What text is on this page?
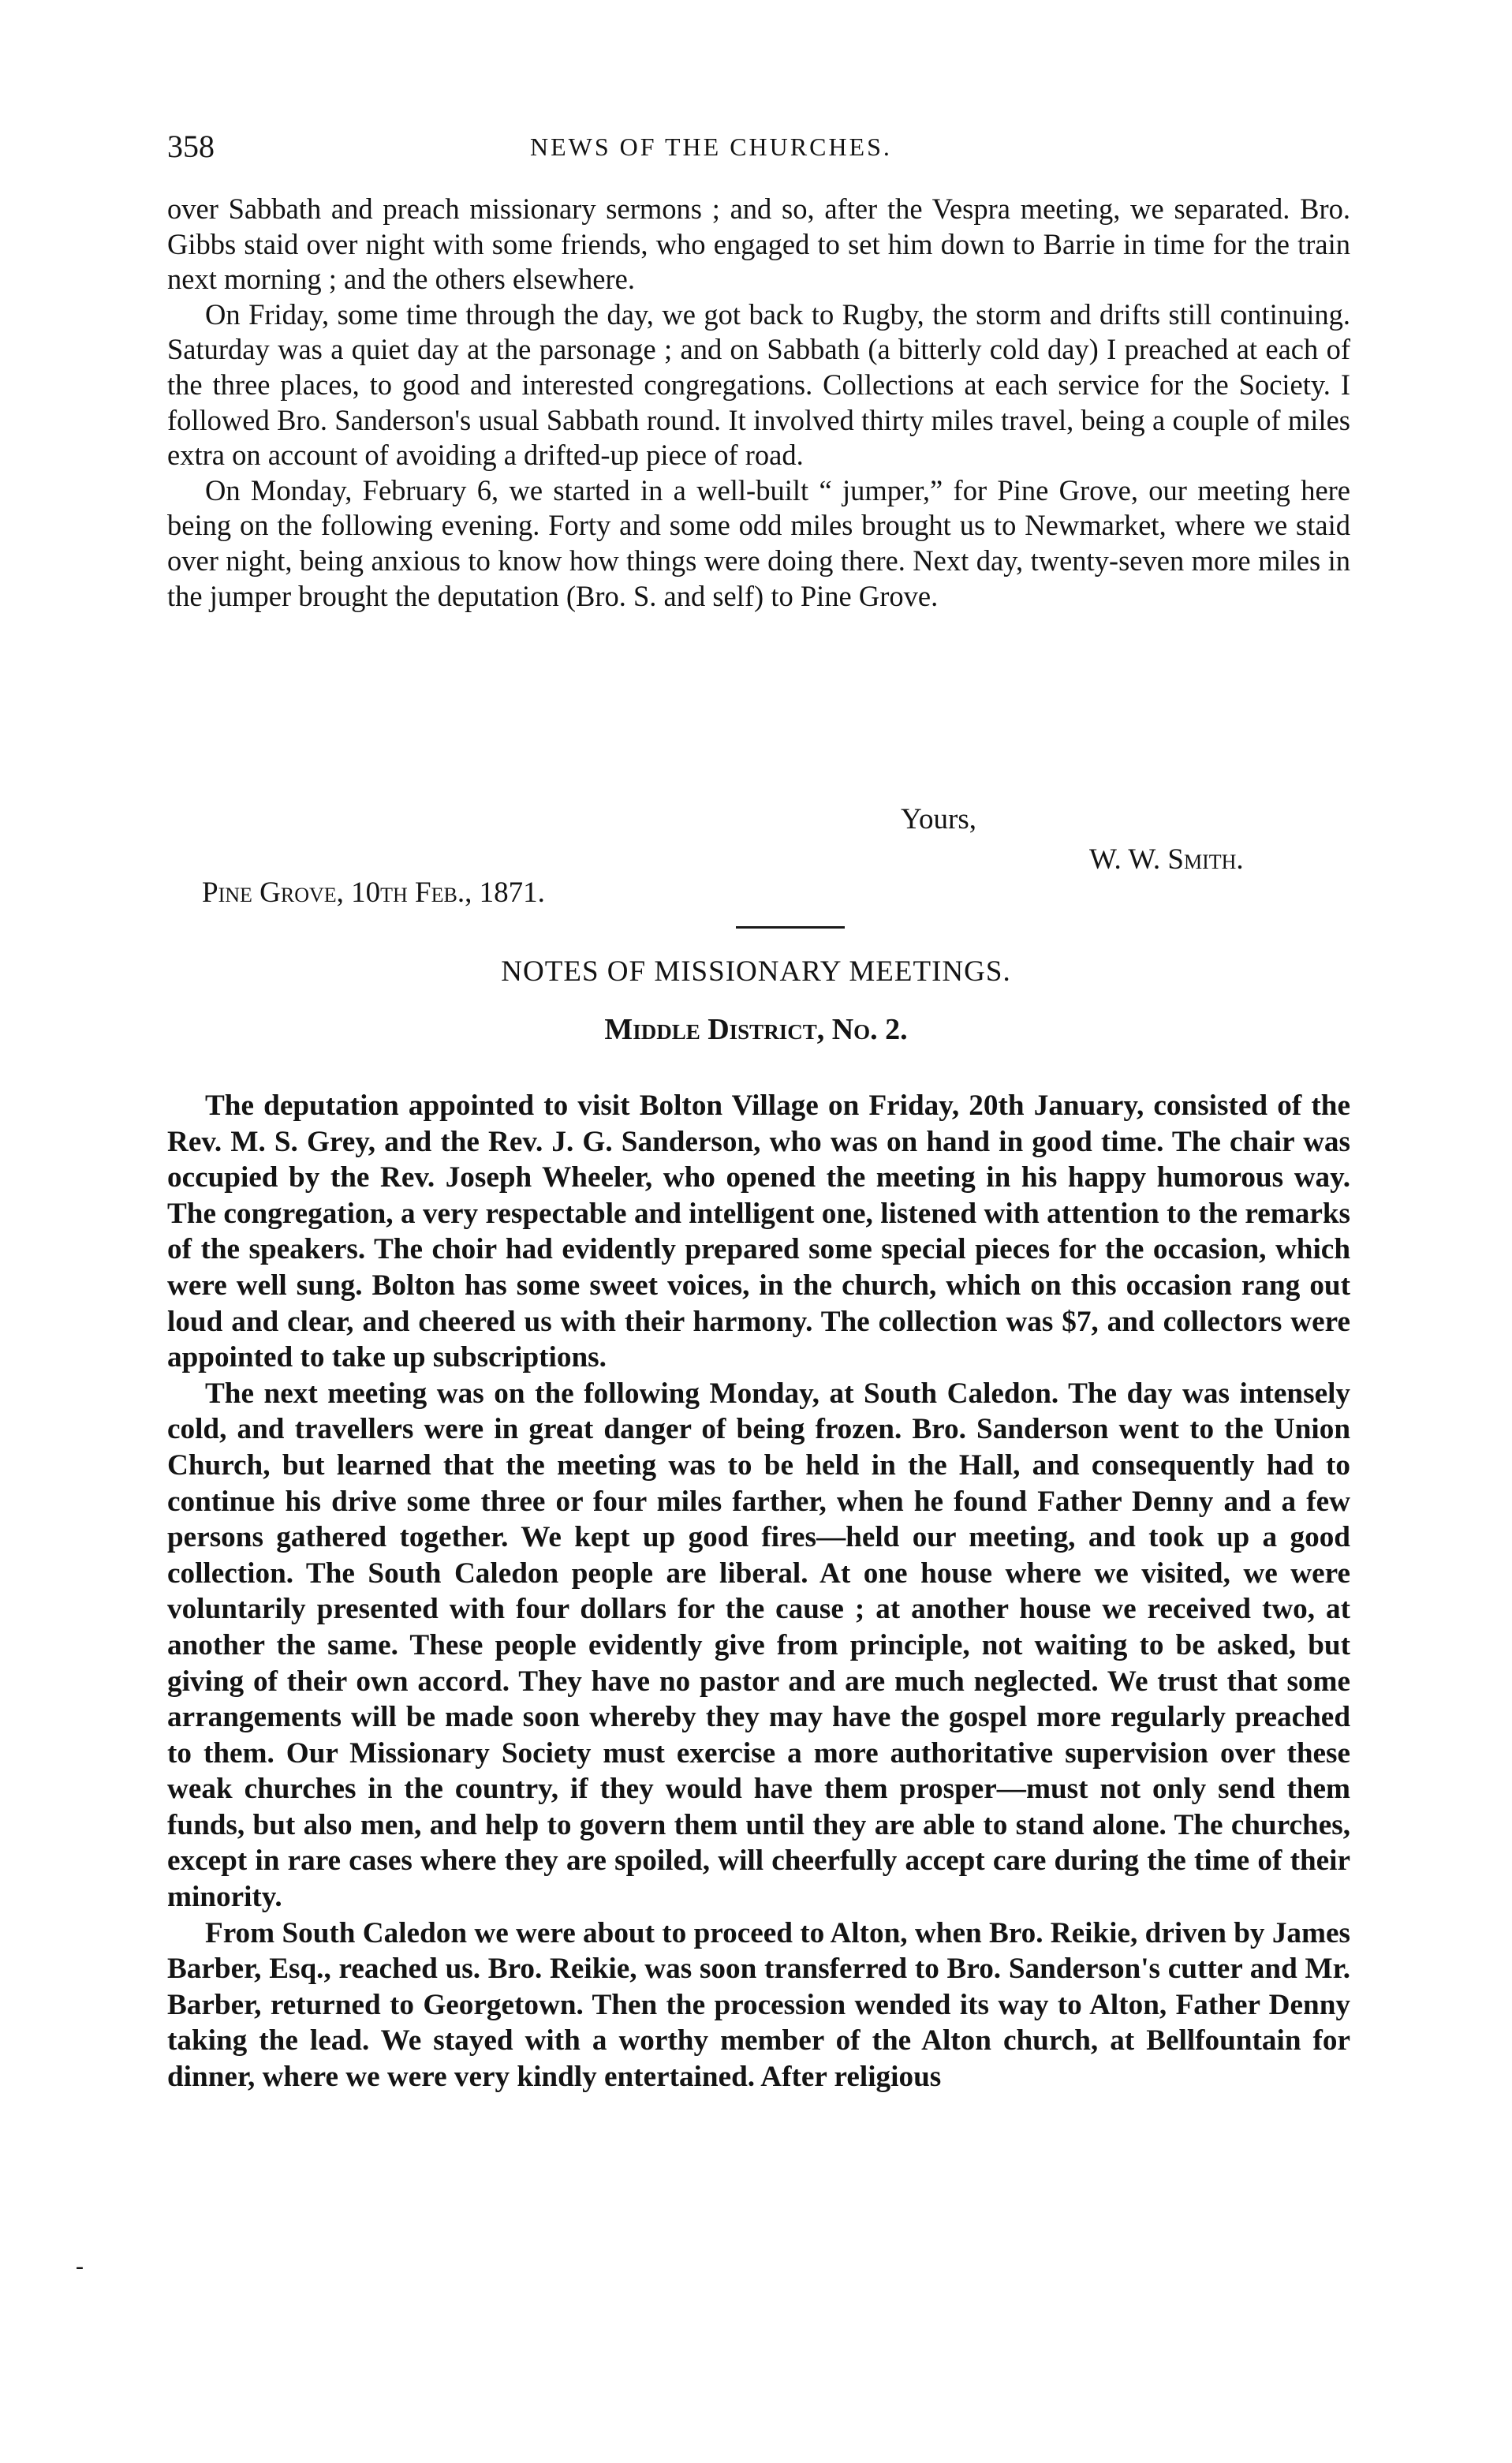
358	NEWS OF THE CHURCHES.

over Sabbath and preach missionary sermons ; and so, after the Vespra meeting, we separated. Bro. Gibbs staid over night with some friends, who engaged to set him down to Barrie in time for the train next morning ; and the others elsewhere.

On Friday, some time through the day, we got back to Rugby, the storm and drifts still continuing. Saturday was a quiet day at the parsonage ; and on Sabbath (a bitterly cold day) I preached at each of the three places, to good and interested congregations. Collections at each service for the Society. I followed Bro. Sanderson's usual Sabbath round. It involved thirty miles travel, being a couple of miles extra on account of avoiding a drifted-up piece of road.

On Monday, February 6, we started in a well-built “ jumper,” for Pine Grove, our meeting here being on the following evening. Forty and some odd miles brought us to Newmarket, where we staid over night, being anxious to know how things were doing there. Next day, twenty-seven more miles in the jumper brought the deputation (Bro. S. and self) to Pine Grove.

Yours,
W. W. Smith.
Pine Grove, 10th Feb., 1871.
NOTES OF MISSIONARY MEETINGS.
Middle District, No. 2.

The deputation appointed to visit Bolton Village on Friday, 20th January, consisted of the Rev. M. S. Grey, and the Rev. J. G. Sanderson, who was on hand in good time. The chair was occupied by the Rev. Joseph Wheeler, who opened the meeting in his happy humorous way. The congregation, a very respectable and intelligent one, listened with attention to the remarks of the speakers. The choir had evidently prepared some special pieces for the occasion, which were well sung. Bolton has some sweet voices, in the church, which on this occasion rang out loud and clear, and cheered us with their harmony. The collection was $7, and collectors were appointed to take up subscriptions.

The next meeting was on the following Monday, at South Caledon. The day was intensely cold, and travellers were in great danger of being frozen. Bro. Sanderson went to the Union Church, but learned that the meeting was to be held in the Hall, and consequently had to continue his drive some three or four miles farther, when he found Father Denny and a few persons gathered together. We kept up good fires—held our meeting, and took up a good collection. The South Caledon people are liberal. At one house where we visited, we were voluntarily presented with four dollars for the cause ; at another house we received two, at another the same. These people evidently give from principle, not waiting to be asked, but giving of their own accord. They have no pastor and are much neglected. We trust that some arrangements will be made soon whereby they may have the gospel more regularly preached to them. Our Missionary Society must exercise a more authoritative supervision over these weak churches in the country, if they would have them prosper—must not only send them funds, but also men, and help to govern them until they are able to stand alone. The churches, except in rare cases where they are spoiled, will cheerfully accept care during the time of their minority.

From South Caledon we were about to proceed to Alton, when Bro. Reikie, driven by James Barber, Esq., reached us. Bro. Reikie, was soon transferred to Bro. Sanderson's cutter and Mr. Barber, returned to Georgetown. Then the procession wended its way to Alton, Father Denny taking the lead. We stayed with a worthy member of the Alton church, at Bellfountain for dinner, where we were very kindly entertained. After religious

-
